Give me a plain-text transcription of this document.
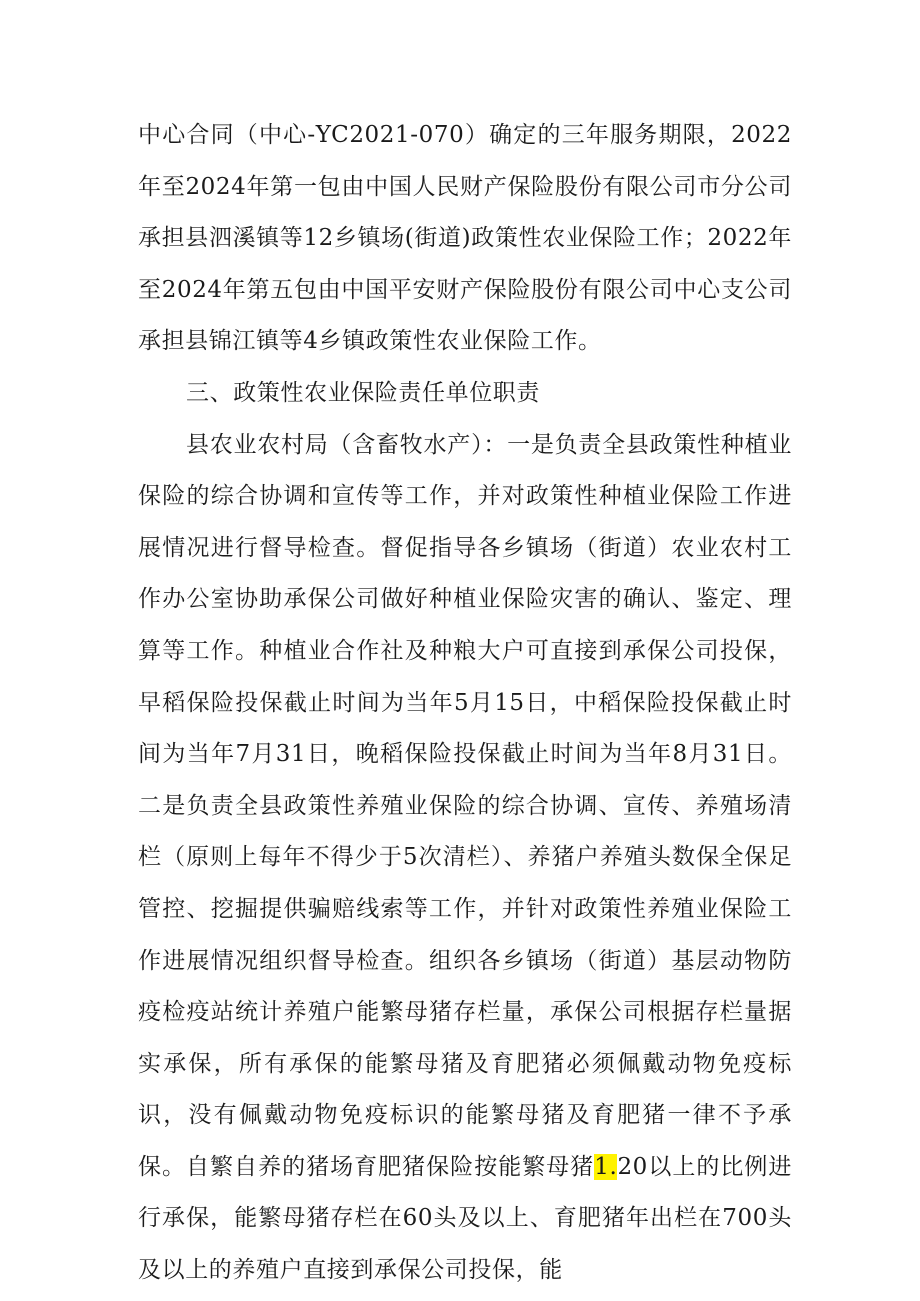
中心合同（中心-YC2021-070）确定的三年服务期限，2022年至2024年第一包由中国人民财产保险股份有限公司市分公司承担县泗溪镇等12乡镇场(街道)政策性农业保险工作；2022年至2024年第五包由中国平安财产保险股份有限公司中心支公司承担县锦江镇等4乡镇政策性农业保险工作。

三、政策性农业保险责任单位职责

县农业农村局（含畜牧水产）：一是负责全县政策性种植业保险的综合协调和宣传等工作，并对政策性种植业保险工作进展情况进行督导检查。督促指导各乡镇场（街道）农业农村工作办公室协助承保公司做好种植业保险灾害的确认、鉴定、理算等工作。种植业合作社及种粮大户可直接到承保公司投保，早稻保险投保截止时间为当年5月15日，中稻保险投保截止时间为当年7月31日，晚稻保险投保截止时间为当年8月31日。二是负责全县政策性养殖业保险的综合协调、宣传、养殖场清栏（原则上每年不得少于5次清栏）、养猪户养殖头数保全保足管控、挖掘提供骗赔线索等工作，并针对政策性养殖业保险工作进展情况组织督导检查。组织各乡镇场（街道）基层动物防疫检疫站统计养殖户能繁母猪存栏量，承保公司根据存栏量据实承保，所有承保的能繁母猪及育肥猪必须佩戴动物免疫标识，没有佩戴动物免疫标识的能繁母猪及育肥猪一律不予承保。自繁自养的猪场育肥猪保险按能繁母猪1.20以上的比例进行承保，能繁母猪存栏在60头及以上、育肥猪年出栏在700头及以上的养殖户直接到承保公司投保，能
